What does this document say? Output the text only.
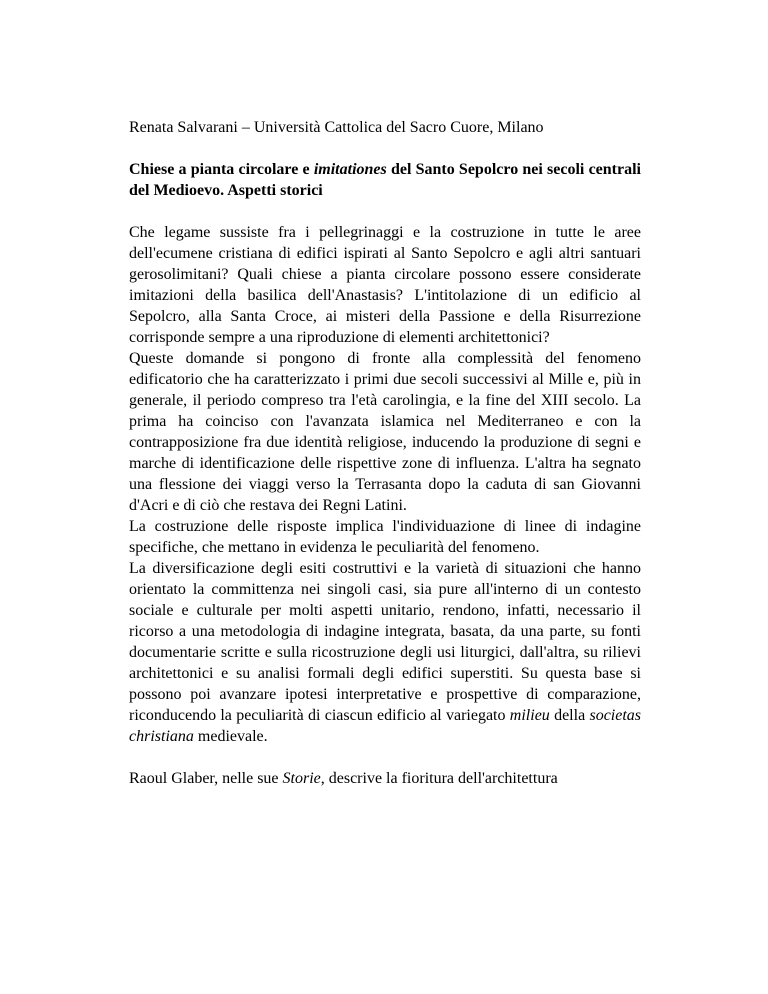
Renata Salvarani – Università Cattolica del Sacro Cuore, Milano

Chiese a pianta circolare e imitationes del Santo Sepolcro nei secoli centrali del Medioevo. Aspetti storici

Che legame sussiste fra i pellegrinaggi e la costruzione in tutte le aree dell'ecumene cristiana di edifici ispirati al Santo Sepolcro e agli altri santuari gerosolimitani? Quali chiese a pianta circolare possono essere considerate imitazioni della basilica dell'Anastasis? L'intitolazione di un edificio al Sepolcro, alla Santa Croce, ai misteri della Passione e della Risurrezione corrisponde sempre a una riproduzione di elementi architettonici?

Queste domande si pongono di fronte alla complessità del fenomeno edificatorio che ha caratterizzato i primi due secoli successivi al Mille e, più in generale, il periodo compreso tra l'età carolingia, e la fine del XIII secolo. La prima ha coinciso con l'avanzata islamica nel Mediterraneo e con la contrapposizione fra due identità religiose, inducendo la produzione di segni e marche di identificazione delle rispettive zone di influenza. L'altra ha segnato una flessione dei viaggi verso la Terrasanta dopo la caduta di san Giovanni d'Acri e di ciò che restava dei Regni Latini.

La costruzione delle risposte implica l'individuazione di linee di indagine specifiche, che mettano in evidenza le peculiarità del fenomeno.

La diversificazione degli esiti costruttivi e la varietà di situazioni che hanno orientato la committenza nei singoli casi, sia pure all'interno di un contesto sociale e culturale per molti aspetti unitario, rendono, infatti, necessario il ricorso a una metodologia di indagine integrata, basata, da una parte, su fonti documentarie scritte e sulla ricostruzione degli usi liturgici, dall'altra, su rilievi architettonici e su analisi formali degli edifici superstiti. Su questa base si possono poi avanzare ipotesi interpretative e prospettive di comparazione, riconducendo la peculiarità di ciascun edificio al variegato milieu della societas christiana medievale.

Raoul Glaber, nelle sue Storie, descrive la fioritura dell'architettura
